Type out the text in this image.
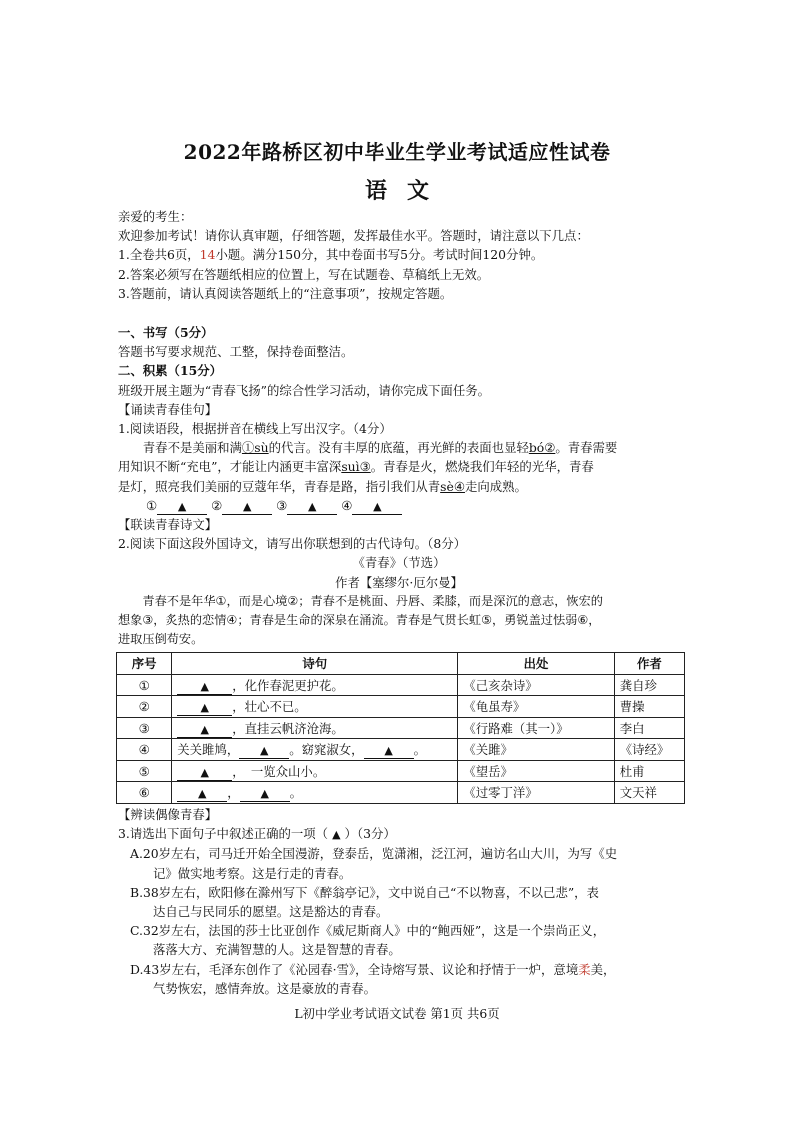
2022年路桥区初中毕业生学业考试适应性试卷
语文

亲爱的考生：

欢迎参加考试！请你认真审题，仔细答题，发挥最佳水平。答题时，请注意以下几点：

1.全卷共6页，14小题。满分150分，其中卷面书写5分。考试时间120分钟。

2.答案必须写在答题纸相应的位置上，写在试题卷、草稿纸上无效。

3.答题前，请认真阅读答题纸上的“注意事项”，按规定答题。

一、书写（5分）

答题书写要求规范、工整，保持卷面整洁。

二、积累（15分）

班级开展主题为“青春飞扬”的综合性学习活动，请你完成下面任务。

【诵读青春佳句】

1.阅读语段，根据拼音在横线上写出汉字。（4分）

青春不是美丽和满①sù的代言。没有丰厚的底蕴，再光鲜的表面也显轻bó②。青春需要

用知识不断“充电”，才能让内涵更丰富深suì③。青春是火，燃烧我们年轻的光华，青春

是灯，照亮我们美丽的豆蔻年华，青春是路，指引我们从青sè④走向成熟。

① ▲ ② ▲ ③ ▲ ④ ▲

【联读青春诗文】

2.阅读下面这段外国诗文，请写出你联想到的古代诗句。（8分）

《青春》（节选）

作者【塞缪尔·厄尔曼】

青春不是年华①，而是心境②；青春不是桃面、丹唇、柔膝，而是深沉的意志，恢宏的

想象③，炙热的恋情④；青春是生命的深泉在涌流。青春是气贯长虹⑤，勇锐盖过怯弱⑥，

进取压倒苟安。

序号	诗句	出处	作者
①	▲ ，化作春泥更护花。	《己亥杂诗》	龚自珍
②	▲ ，壮心不已。	《龟虽寿》	曹操
③	▲ ，直挂云帆济沧海。	《行路难（其一）》	李白
④	关关雎鸠， ▲ 。窈窕淑女， ▲ 。	《关雎》	《诗经》
⑤	▲ ，　一览众山小。	《望岳》	杜甫
⑥	▲ ， ▲ 。	《过零丁洋》	文天祥

【辨读偶像青春】

3.请选出下面句子中叙述正确的一项（ ▲ ）（3分）

A.20岁左右，司马迁开始全国漫游，登泰岳，览潇湘，泛江河，遍访名山大川，为写《史

记》做实地考察。这是行走的青春。

B.38岁左右，欧阳修在滁州写下《醉翁亭记》，文中说自己“不以物喜，不以己悲”，表

达自己与民同乐的愿望。这是豁达的青春。

C.32岁左右，法国的莎士比亚创作《威尼斯商人》中的“鲍西娅”，这是一个崇尚正义，

落落大方、充满智慧的人。这是智慧的青春。

D.43岁左右，毛泽东创作了《沁园春·雪》，全诗熔写景、议论和抒情于一炉，意境柔美，

气势恢宏，感情奔放。这是豪放的青春。

L初中学业考试语文试卷 第1页 共6页
